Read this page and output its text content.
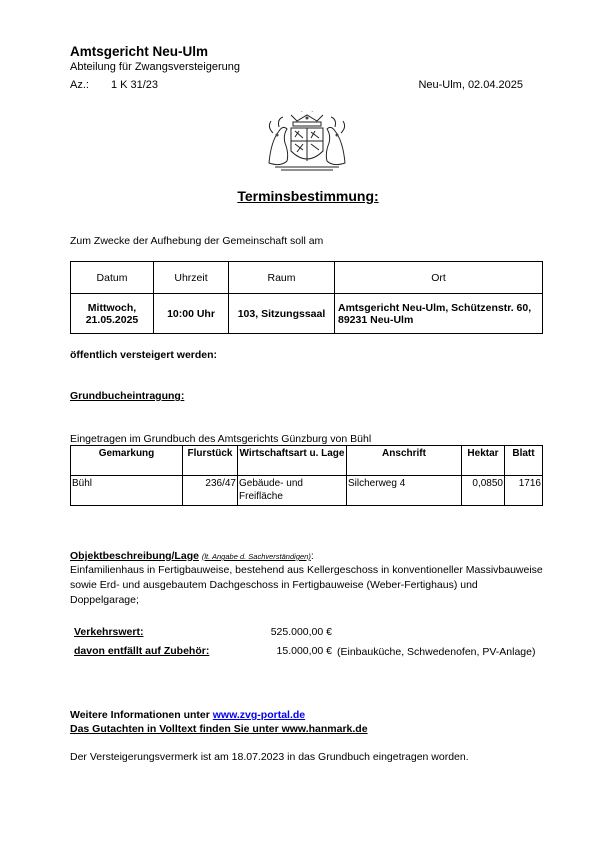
Amtsgericht Neu-Ulm
Abteilung für Zwangsversteigerung
Az.: 1 K 31/23	Neu-Ulm, 02.04.2025
Terminsbestimmung:
Zum Zwecke der Aufhebung der Gemeinschaft soll am
Datum	Uhrzeit	Raum	Ort
Mittwoch, 21.05.2025	10:00 Uhr	103, Sitzungssaal	Amtsgericht Neu-Ulm, Schützenstr. 60, 89231 Neu-Ulm
öffentlich versteigert werden:
Grundbucheintragung:
Eingetragen im Grundbuch des Amtsgerichts Günzburg von Bühl
Gemarkung	Flurstück	Wirtschaftsart u. Lage	Anschrift	Hektar	Blatt
Bühl	236/47	Gebäude- und Freifläche	Silcherweg 4	0,0850	1716
Objektbeschreibung/Lage (lt. Angabe d. Sachverständigen):
Einfamilienhaus in Fertigbauweise, bestehend aus Kellergeschoss in konventioneller Massivbauweise sowie Erd- und ausgebautem Dachgeschoss in Fertigbauweise (Weber-Fertighaus) und Doppelgarage;
Verkehrswert:	525.000,00 €
davon entfällt auf Zubehör:	15.000,00 € (Einbauküche, Schwedenofen, PV-Anlage)
Weitere Informationen unter www.zvg-portal.de
Das Gutachten in Volltext finden Sie unter www.hanmark.de
Der Versteigerungsvermerk ist am 18.07.2023 in das Grundbuch eingetragen worden.
